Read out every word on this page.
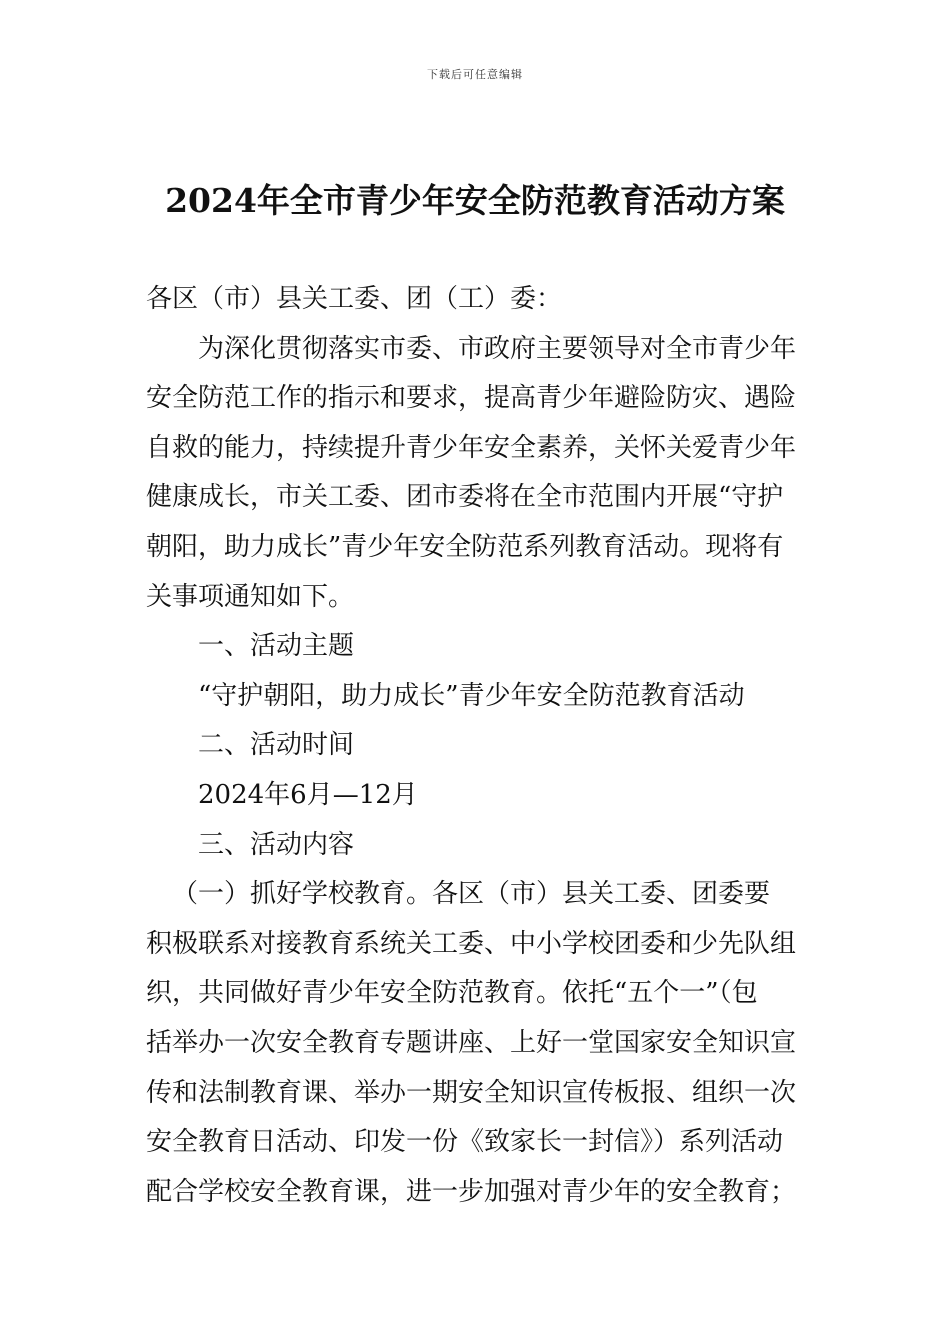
下载后可任意编辑
2024年全市青少年安全防范教育活动方案
各区（市）县关工委、团（工）委：
为深化贯彻落实市委、市政府主要领导对全市青少年
安全防范工作的指示和要求，提高青少年避险防灾、遇险
自救的能力，持续提升青少年安全素养，关怀关爱青少年
健康成长，市关工委、团市委将在全市范围内开展“守护
朝阳，助力成长”青少年安全防范系列教育活动。现将有
关事项通知如下。
一、活动主题
“守护朝阳，助力成长”青少年安全防范教育活动
二、活动时间
2024年6月—12月
三、活动内容
（一）抓好学校教育。各区（市）县关工委、团委要
积极联系对接教育系统关工委、中小学校团委和少先队组
织，共同做好青少年安全防范教育。依托“五个一”（包
括举办一次安全教育专题讲座、上好一堂国家安全知识宣
传和法制教育课、举办一期安全知识宣传板报、组织一次
安全教育日活动、印发一份《致家长一封信》）系列活动
配合学校安全教育课，进一步加强对青少年的安全教育；
